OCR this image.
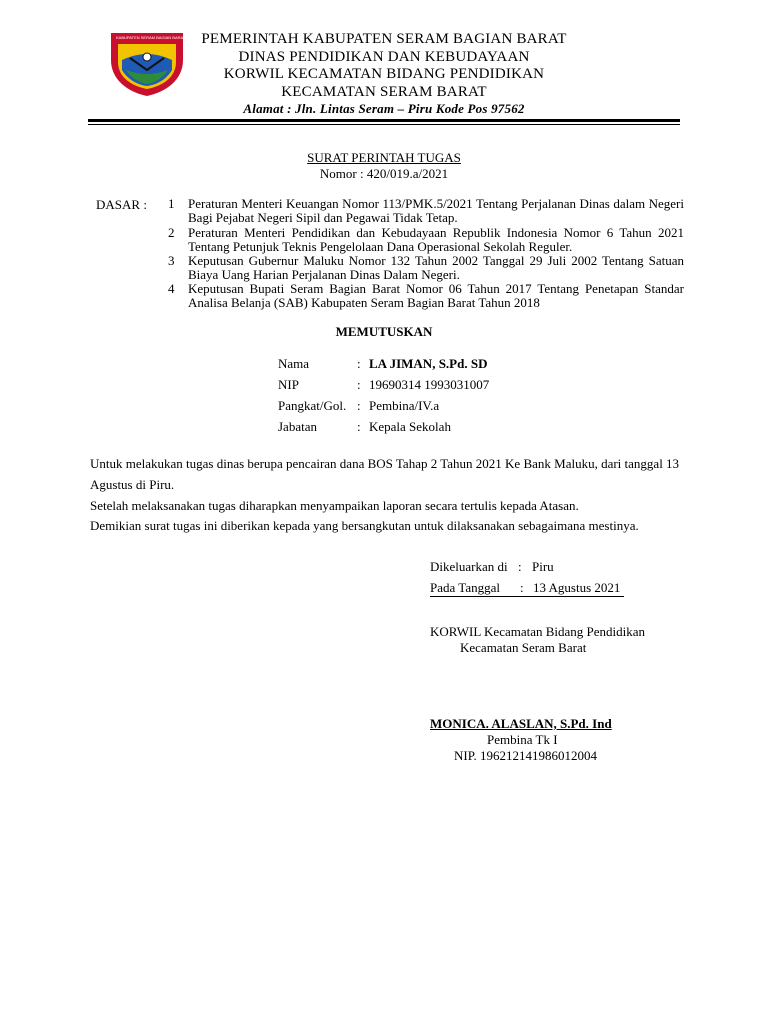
KABUPATEN SERAM BAGIAN BARAT	PEMERINTAH KABUPATEN SERAM BAGIAN BARAT
DINAS PENDIDIKAN DAN KEBUDAYAAN
KORWIL KECAMATAN BIDANG PENDIDIKAN
KECAMATAN SERAM BARAT
Alamat : Jln. Lintas Seram – Piru Kode Pos 97562
SURAT PERINTAH TUGAS
Nomor : 420/019.a/2021
DASAR : 1	Peraturan Menteri Keuangan Nomor 113/PMK.5/2021 Tentang Perjalanan Dinas dalam Negeri Bagi Pejabat Negeri Sipil dan Pegawai Tidak Tetap.
2	Peraturan Menteri Pendidikan dan Kebudayaan Republik Indonesia Nomor 6 Tahun 2021 Tentang Petunjuk Teknis Pengelolaan Dana Operasional Sekolah Reguler.
3	Keputusan Gubernur Maluku Nomor 132 Tahun 2002 Tanggal 29 Juli 2002 Tentang Satuan Biaya Uang Harian Perjalanan Dinas Dalam Negeri.
4	Keputusan Bupati Seram Bagian Barat Nomor 06 Tahun 2017 Tentang Penetapan Standar Analisa Belanja (SAB) Kabupaten Seram Bagian Barat Tahun 2018
MEMUTUSKAN
Nama	: LA JIMAN, S.Pd. SD
NIP	: 19690314 1993031007
Pangkat/Gol. : Pembina/IV.a
Jabatan	: Kepala Sekolah
Untuk melakukan tugas dinas berupa pencairan dana BOS Tahap 2 Tahun 2021 Ke Bank Maluku, dari tanggal 13 Agustus di Piru.
Setelah melaksanakan tugas diharapkan menyampaikan laporan secara tertulis kepada Atasan.
Demikian surat tugas ini diberikan kepada yang bersangkutan untuk dilaksanakan sebagaimana mestinya.
Dikeluarkan di : Piru
Pada Tanggal : 13 Agustus 2021
KORWIL Kecamatan Bidang Pendidikan
Kecamatan Seram Barat
MONICA. ALASLAN, S.Pd. Ind
Pembina Tk I
NIP. 196212141986012004
